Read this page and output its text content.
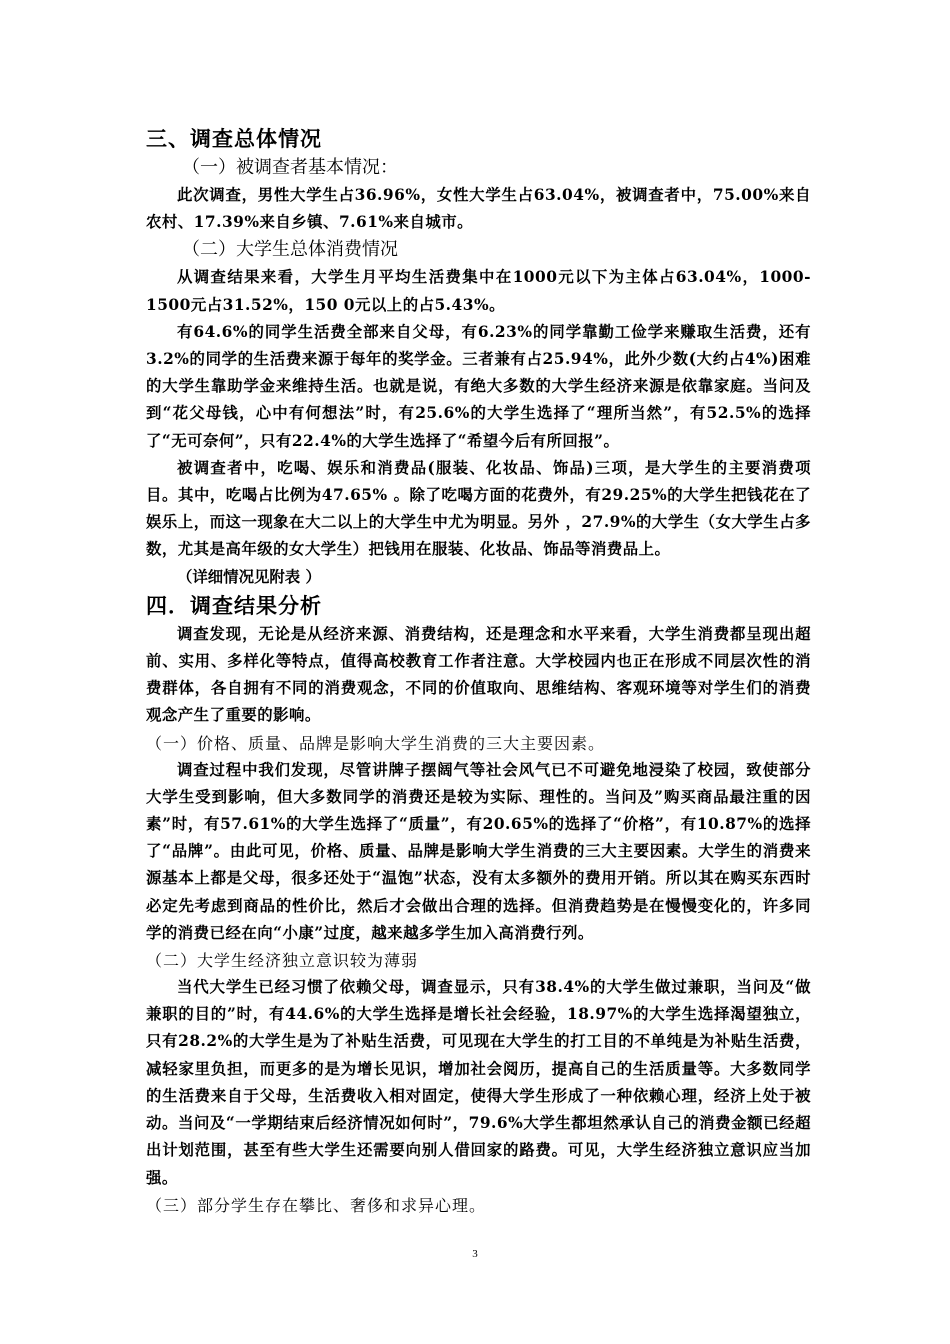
三、调查总体情况
（一）被调查者基本情况：
此次调查，男性大学生占36.96%，女性大学生占63.04%，被调查者中，75.00%来自农村、17.39%来自乡镇、7.61%来自城市。
（二）大学生总体消费情况
从调查结果来看，大学生月平均生活费集中在1000元以下为主体占63.04%，1000-1500元占31.52%，150 0元以上的占5.43%。
有64.6%的同学生活费全部来自父母，有6.23%的同学靠勤工俭学来赚取生活费，还有3.2%的同学的生活费来源于每年的奖学金。三者兼有占25.94%，此外少数(大约占4%)困难的大学生靠助学金来维持生活。也就是说，有绝大多数的大学生经济来源是依靠家庭。当问及到“花父母钱，心中有何想法”时，有25.6%的大学生选择了“理所当然”，有52.5%的选择了“无可奈何”，只有22.4%的大学生选择了“希望今后有所回报”。
被调查者中，吃喝、娱乐和消费品(服装、化妆品、饰品)三项，是大学生的主要消费项目。其中，吃喝占比例为47.65% 。除了吃喝方面的花费外，有29.25%的大学生把钱花在了娱乐上，而这一现象在大二以上的大学生中尤为明显。另外 ，27.9%的大学生（女大学生占多数，尤其是高年级的女大学生）把钱用在服装、化妆品、饰品等消费品上。
（详细情况见附表 ）
四．调查结果分析
调查发现，无论是从经济来源、消费结构，还是理念和水平来看，大学生消费都呈现出超前、实用、多样化等特点，值得高校教育工作者注意。大学校园内也正在形成不同层次性的消费群体，各自拥有不同的消费观念，不同的价值取向、思维结构、客观环境等对学生们的消费观念产生了重要的影响。
（一）价格、质量、品牌是影响大学生消费的三大主要因素。
调查过程中我们发现，尽管讲牌子摆阔气等社会风气已不可避免地浸染了校园，致使部分大学生受到影响，但大多数同学的消费还是较为实际、理性的。当问及”购买商品最注重的因素”时，有57.61%的大学生选择了“质量”，有20.65%的选择了“价格”，有10.87%的选择了“品牌”。由此可见，价格、质量、品牌是影响大学生消费的三大主要因素。大学生的消费来源基本上都是父母，很多还处于“温饱”状态，没有太多额外的费用开销。所以其在购买东西时必定先考虑到商品的性价比，然后才会做出合理的选择。但消费趋势是在慢慢变化的，许多同学的消费已经在向“小康”过度，越来越多学生加入高消费行列。
（二）大学生经济独立意识较为薄弱
当代大学生已经习惯了依赖父母，调查显示，只有38.4%的大学生做过兼职，当问及“做兼职的目的”时，有44.6%的大学生选择是增长社会经验，18.97%的大学生选择渴望独立，只有28.2%的大学生是为了补贴生活费，可见现在大学生的打工目的不单纯是为补贴生活费，减轻家里负担，而更多的是为增长见识，增加社会阅历，提高自己的生活质量等。大多数同学的生活费来自于父母，生活费收入相对固定，使得大学生形成了一种依赖心理，经济上处于被动。当问及“一学期结束后经济情况如何时”，79.6%大学生都坦然承认自己的消费金额已经超出计划范围，甚至有些大学生还需要向别人借回家的路费。可见，大学生经济独立意识应当加强。
（三）部分学生存在攀比、奢侈和求异心理。
3
